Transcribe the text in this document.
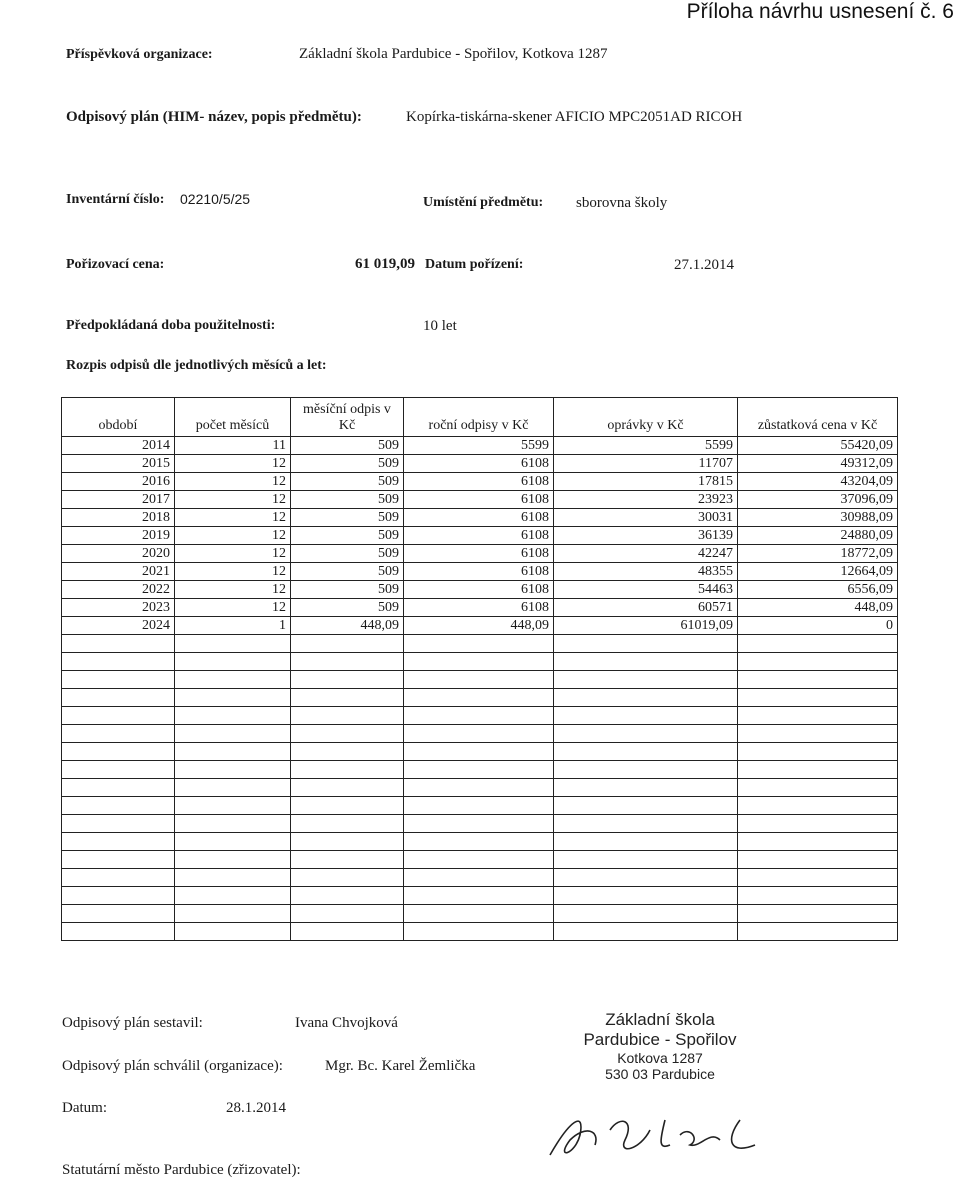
Příloha návrhu usnesení č. 6
Příspěvková organizace:	Základní škola Pardubice - Spořilov, Kotkova 1287
Odpisový plán (HIM- název, popis předmětu):	Kopírka-tiskárna-skener AFICIO MPC2051AD RICOH
Inventární číslo: 02210/5/25	Umístění předmětu: sborovna školy
Pořizovací cena:	61 019,09 Datum pořízení:	27.1.2014
Předpokládaná doba použitelnosti:	10 let
Rozpis odpisů dle jednotlivých měsíců a let:
období	počet měsíců	měsíční odpis v Kč	roční odpisy v Kč	oprávky v Kč	zůstatková cena v Kč
2014	11	509	5599	5599	55420,09
2015	12	509	6108	11707	49312,09
2016	12	509	6108	17815	43204,09
2017	12	509	6108	23923	37096,09
2018	12	509	6108	30031	30988,09
2019	12	509	6108	36139	24880,09
2020	12	509	6108	42247	18772,09
2021	12	509	6108	48355	12664,09
2022	12	509	6108	54463	6556,09
2023	12	509	6108	60571	448,09
2024	1	448,09	448,09	61019,09	0

Odpisový plán sestavil:	Ivana Chvojková
Odpisový plán schválil (organizace):	Mgr. Bc. Karel Žemlička
Datum:	28.1.2014
Statutární město Pardubice (zřizovatel):
Základní škola
Pardubice - Spořilov
Kotkova 1287
530 03 Pardubice
